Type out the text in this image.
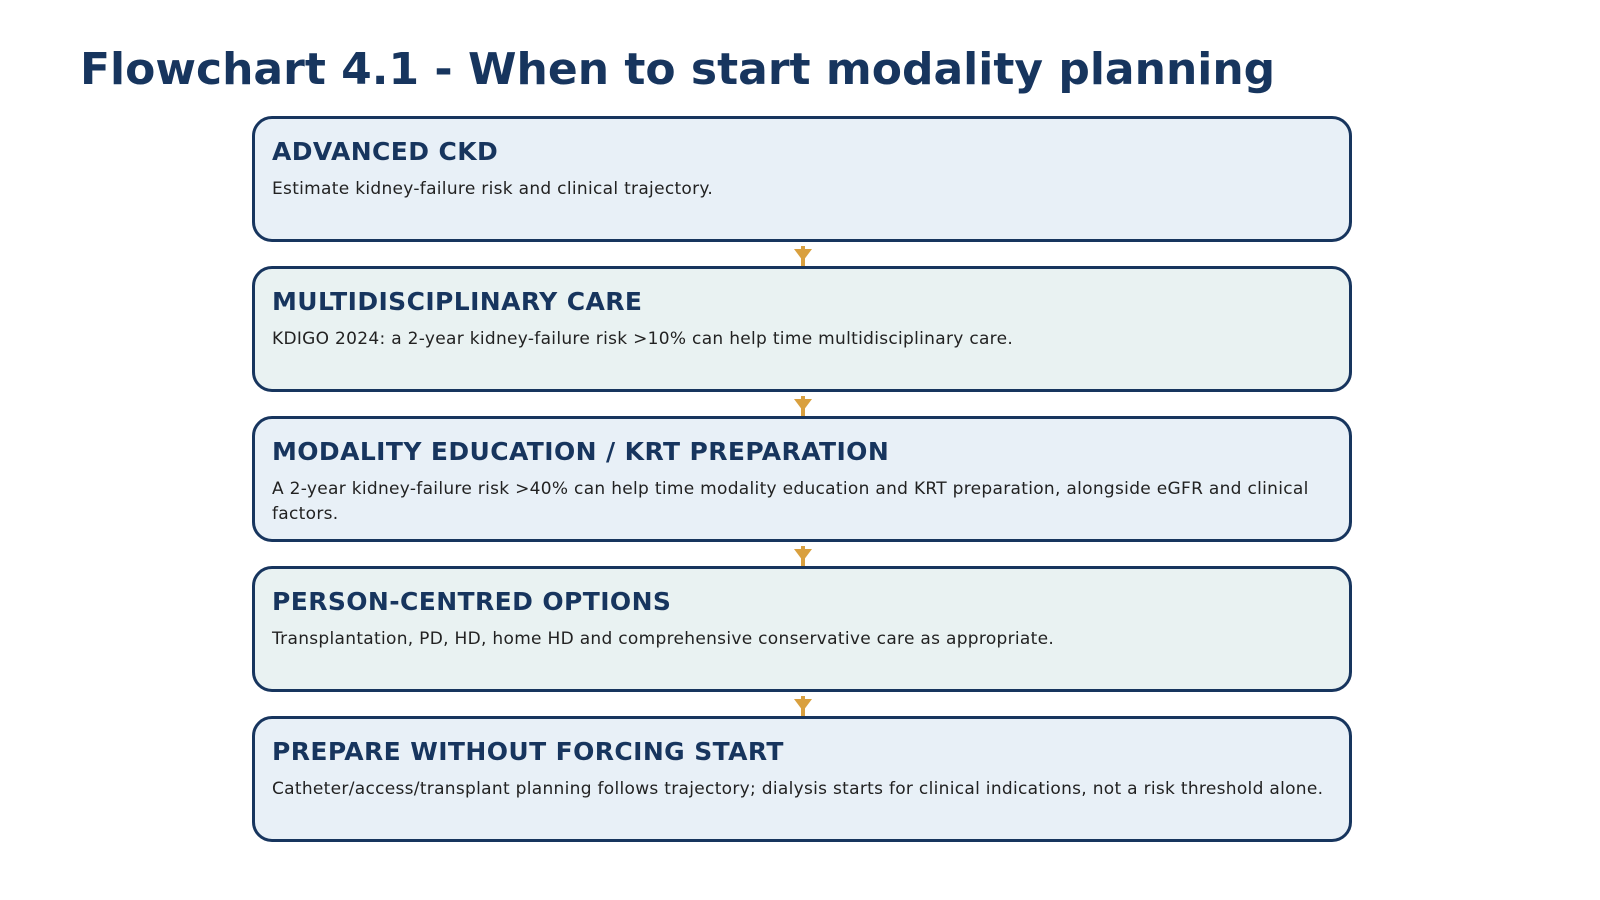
Flowchart 4.1 - When to start modality planning
ADVANCED CKD

Estimate kidney-failure risk and clinical trajectory.

MULTIDISCIPLINARY CARE

KDIGO 2024: a 2-year kidney-failure risk >10% can help time multidisciplinary care.

MODALITY EDUCATION / KRT PREPARATION

A 2-year kidney-failure risk >40% can help time modality education and KRT preparation, alongside eGFR and clinical factors.

PERSON-CENTRED OPTIONS

Transplantation, PD, HD, home HD and comprehensive conservative care as appropriate.

PREPARE WITHOUT FORCING START

Catheter/access/transplant planning follows trajectory; dialysis starts for clinical indications, not a risk threshold alone.
